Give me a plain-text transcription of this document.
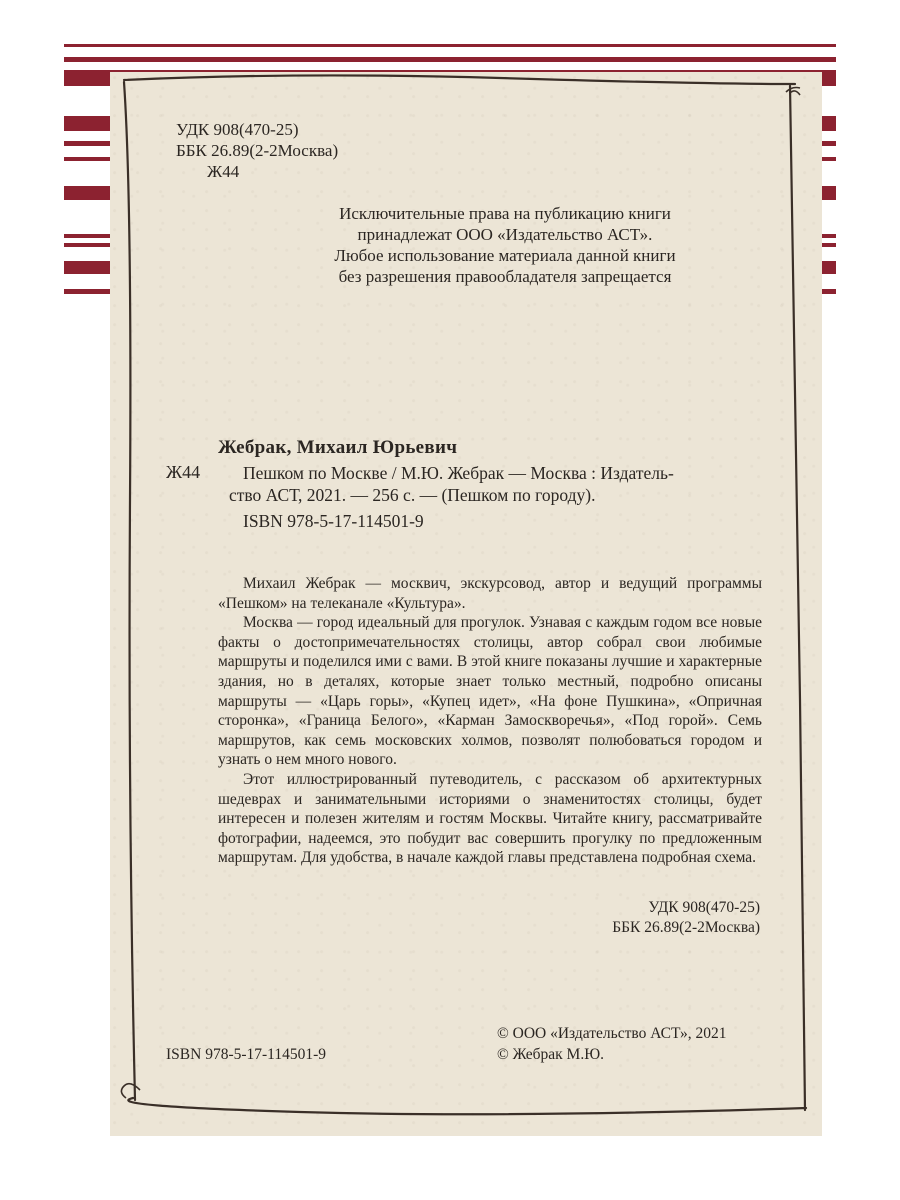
УДК 908(470-25)
ББК 26.89(2-2Москва)
Ж44
Исключительные права на публикацию книги
принадлежат ООО «Издательство АСТ».
Любое использование материала данной книги
без разрешения правообладателя запрещается
Жебрак, Михаил Юрьевич
Ж44 Пешком по Москве / М.Ю. Жебрак — Москва : Издатель-
ство АСТ, 2021. — 256 с. — (Пешком по городу).
ISBN 978-5-17-114501-9

Михаил Жебрак — москвич, экскурсовод, автор и ведущий программы «Пешком» на телеканале «Культура».

Москва — город идеальный для прогулок. Узнавая с каждым годом все новые факты о достопримечательностях столицы, автор собрал свои любимые маршруты и поделился ими с вами. В этой книге показаны лучшие и характерные здания, но в деталях, которые знает только местный, подробно описаны маршруты — «Царь горы», «Купец идет», «На фоне Пушкина», «Опричная сторонка», «Граница Белого», «Карман Замоскворечья», «Под горой». Семь маршрутов, как семь московских холмов, позволят полюбоваться городом и узнать о нем много нового.

Этот иллюстрированный путеводитель, с рассказом об архитектурных шедеврах и занимательными историями о знаменитостях столицы, будет интересен и полезен жителям и гостям Москвы. Читайте книгу, рассматривайте фотографии, надеемся, это побудит вас совершить прогулку по предложенным маршрутам. Для удобства, в начале каждой главы представлена подробная схема.

УДК 908(470-25)
ББК 26.89(2-2Москва)
ISBN 978-5-17-114501-9
© ООО «Издательство АСТ», 2021
© Жебрак М.Ю.
